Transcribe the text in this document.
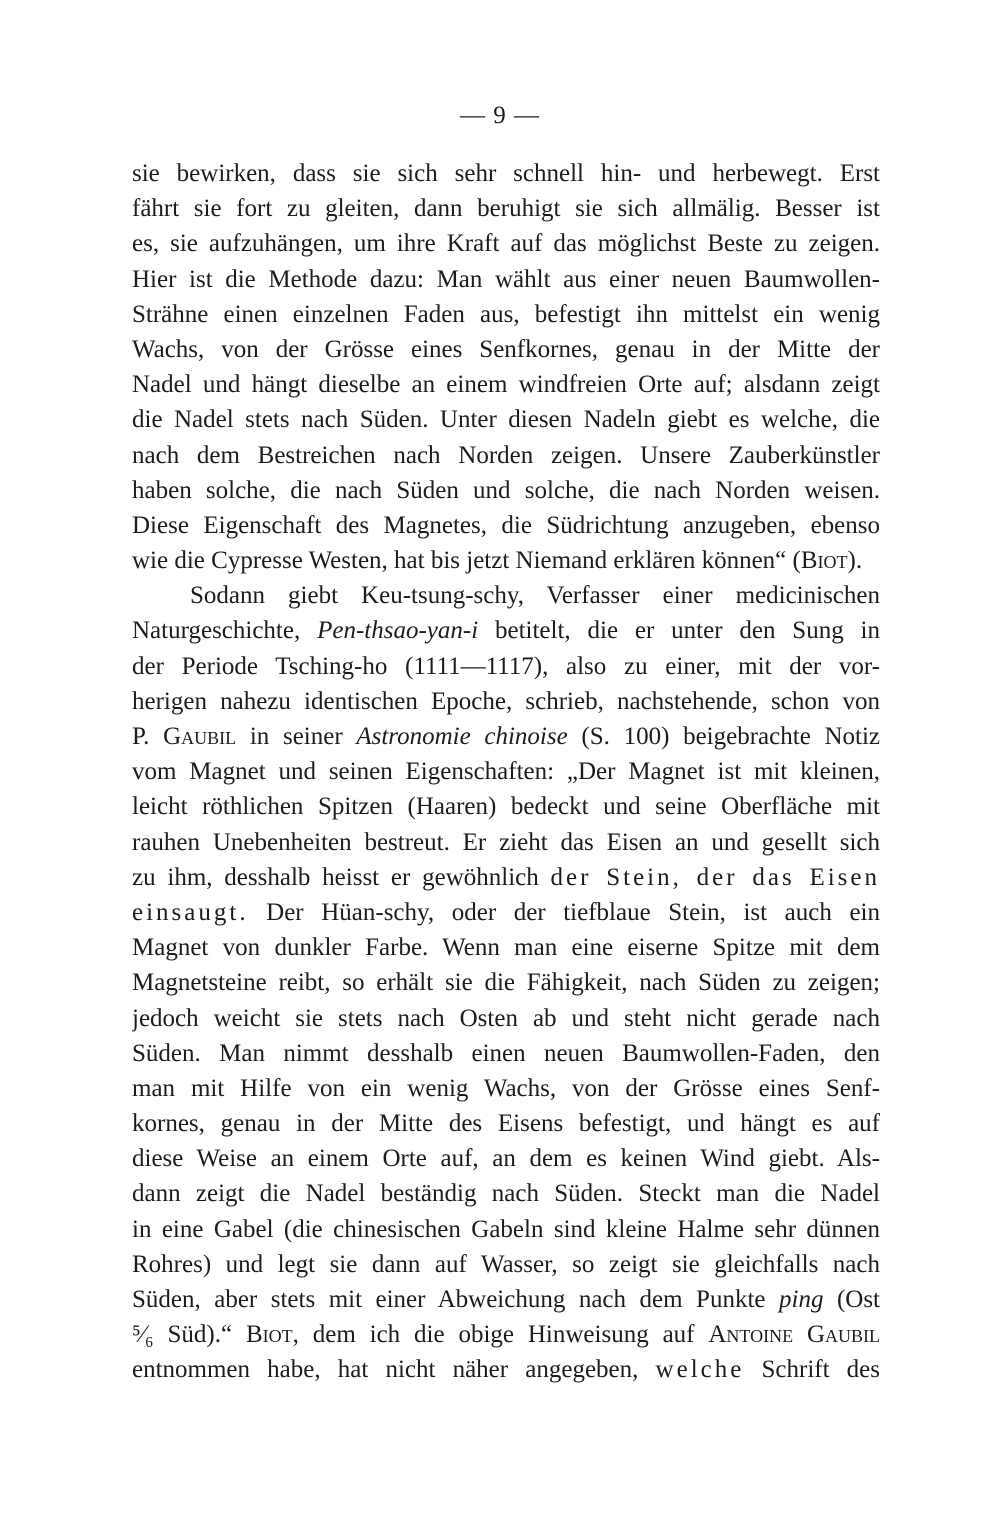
— 9 —
sie bewirken, dass sie sich sehr schnell hin- und herbewegt. Erst
fährt sie fort zu gleiten, dann beruhigt sie sich allmälig. Besser ist
es, sie aufzuhängen, um ihre Kraft auf das möglichst Beste zu zeigen.
Hier ist die Methode dazu: Man wählt aus einer neuen Baumwollen-
Strähne einen einzelnen Faden aus, befestigt ihn mittelst ein wenig
Wachs, von der Grösse eines Senfkornes, genau in der Mitte der
Nadel und hängt dieselbe an einem windfreien Orte auf; alsdann zeigt
die Nadel stets nach Süden. Unter diesen Nadeln giebt es welche, die
nach dem Bestreichen nach Norden zeigen. Unsere Zauberkünstler
haben solche, die nach Süden und solche, die nach Norden weisen.
Diese Eigenschaft des Magnetes, die Südrichtung anzugeben, ebenso
wie die Cypresse Westen, hat bis jetzt Niemand erklären können“ (Biot).
Sodann giebt Keu-tsung-schy, Verfasser einer medicinischen
Naturgeschichte, Pen-thsao-yan-i betitelt, die er unter den Sung in
der Periode Tsching-ho (1111—1117), also zu einer, mit der vor-
herigen nahezu identischen Epoche, schrieb, nachstehende, schon von
P. Gaubil in seiner Astronomie chinoise (S. 100) beigebrachte Notiz
vom Magnet und seinen Eigenschaften: „Der Magnet ist mit kleinen,
leicht röthlichen Spitzen (Haaren) bedeckt und seine Oberfläche mit
rauhen Unebenheiten bestreut. Er zieht das Eisen an und gesellt sich
zu ihm, desshalb heisst er gewöhnlich der Stein, der das Eisen
einsaugt. Der Hüan-schy, oder der tiefblaue Stein, ist auch ein
Magnet von dunkler Farbe. Wenn man eine eiserne Spitze mit dem
Magnetsteine reibt, so erhält sie die Fähigkeit, nach Süden zu zeigen;
jedoch weicht sie stets nach Osten ab und steht nicht gerade nach
Süden. Man nimmt desshalb einen neuen Baumwollen-Faden, den
man mit Hilfe von ein wenig Wachs, von der Grösse eines Senf-
kornes, genau in der Mitte des Eisens befestigt, und hängt es auf
diese Weise an einem Orte auf, an dem es keinen Wind giebt. Als-
dann zeigt die Nadel beständig nach Süden. Steckt man die Nadel
in eine Gabel (die chinesischen Gabeln sind kleine Halme sehr dünnen
Rohres) und legt sie dann auf Wasser, so zeigt sie gleichfalls nach
Süden, aber stets mit einer Abweichung nach dem Punkte ping (Ost
⁵⁄₆ Süd).“ Biot, dem ich die obige Hinweisung auf Antoine Gaubil
entnommen habe, hat nicht näher angegeben, welche Schrift des
